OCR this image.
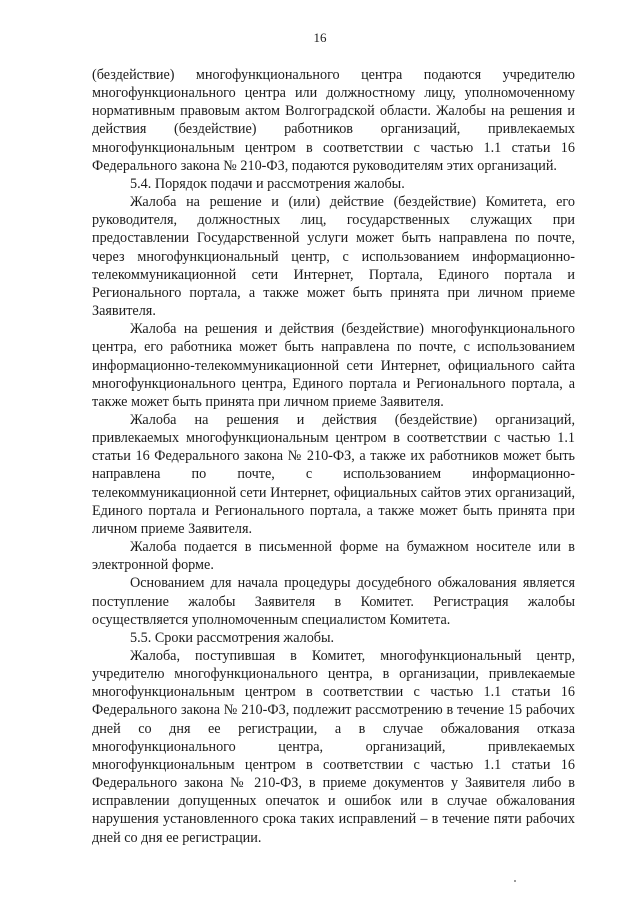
16

(бездействие) многофункционального центра подаются учредителю многофункционального центра или должностному лицу, уполномоченному нормативным правовым актом Волгоградской области. Жалобы на решения и действия (бездействие) работников организаций, привлекаемых многофункциональным центром в соответствии с частью 1.1 статьи 16 Федерального закона № 210-ФЗ, подаются руководителям этих организаций.

5.4. Порядок подачи и рассмотрения жалобы.

Жалоба на решение и (или) действие (бездействие) Комитета, его руководителя, должностных лиц, государственных служащих при предоставлении Государственной услуги может быть направлена по почте, через многофункциональный центр, с использованием информационно-телекоммуникационной сети Интернет, Портала, Единого портала и Регионального портала, а также может быть принята при личном приеме Заявителя.

Жалоба на решения и действия (бездействие) многофункционального центра, его работника может быть направлена по почте, с использованием информационно-телекоммуникационной сети Интернет, официального сайта многофункционального центра, Единого портала и Регионального портала, а также может быть принята при личном приеме Заявителя.

Жалоба на решения и действия (бездействие) организаций, привлекаемых многофункциональным центром в соответствии с частью 1.1 статьи 16 Федерального закона № 210-ФЗ, а также их работников может быть направлена по почте, с использованием информационно-телекоммуникационной сети Интернет, официальных сайтов этих организаций, Единого портала и Регионального портала, а также может быть принята при личном приеме Заявителя.

Жалоба подается в письменной форме на бумажном носителе или в электронной форме.

Основанием для начала процедуры досудебного обжалования является поступление жалобы Заявителя в Комитет. Регистрация жалобы осуществляется уполномоченным специалистом Комитета.

5.5. Сроки рассмотрения жалобы.

Жалоба, поступившая в Комитет, многофункциональный центр, учредителю многофункционального центра, в организации, привлекаемые многофункциональным центром в соответствии с частью 1.1 статьи 16 Федерального закона № 210-ФЗ, подлежит рассмотрению в течение 15 рабочих дней со дня ее регистрации, а в случае обжалования отказа многофункционального центра, организаций, привлекаемых многофункциональным центром в соответствии с частью 1.1 статьи 16 Федерального закона № 210-ФЗ, в приеме документов у Заявителя либо в исправлении допущенных опечаток и ошибок или в случае обжалования нарушения установленного срока таких исправлений – в течение пяти рабочих дней со дня ее регистрации.
